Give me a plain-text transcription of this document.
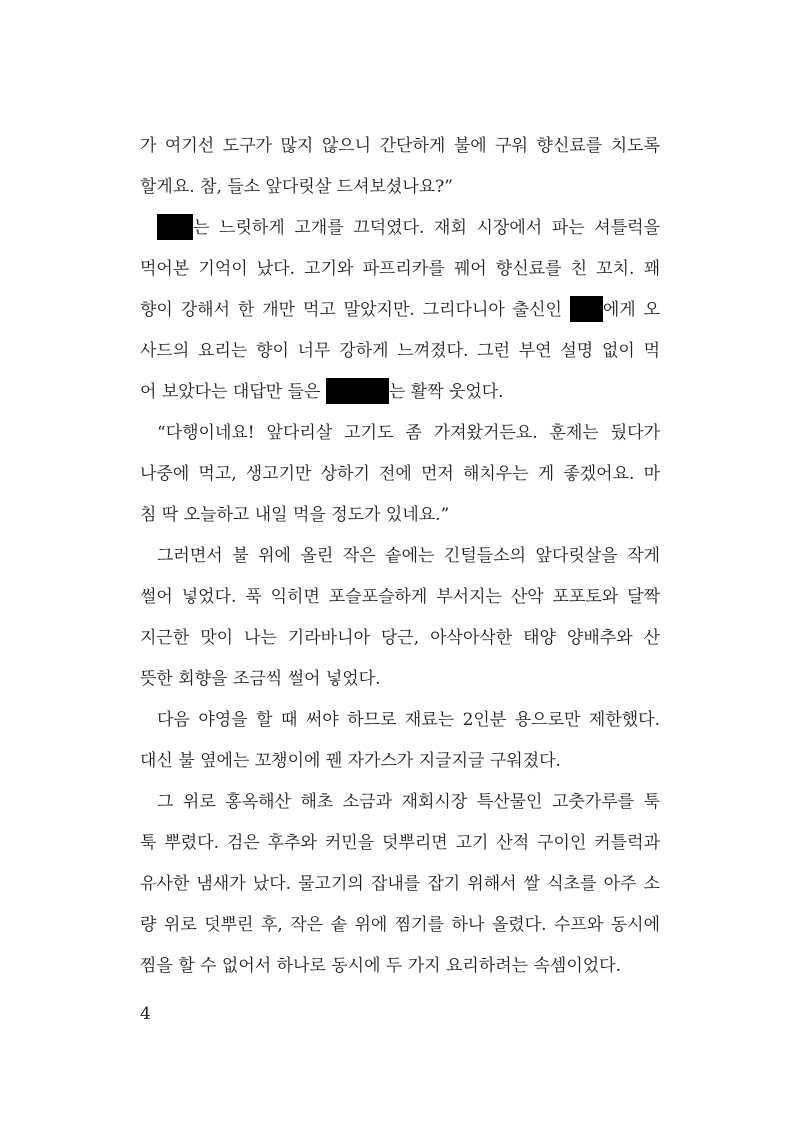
가 여기선 도구가 많지 않으니 간단하게 불에 구워 향신료를 치도록
할게요. 참, 들소 앞다릿살 드셔보셨나요?”
는 느릿하게 고개를 끄덕였다. 재회 시장에서 파는 셔틀럭을
먹어본 기억이 났다. 고기와 파프리카를 꿰어 향신료를 친 꼬치. 꽤
향이 강해서 한 개만 먹고 말았지만. 그리다니아 출신인 에게 오
사드의 요리는 향이 너무 강하게 느껴졌다. 그런 부연 설명 없이 먹
어 보았다는 대답만 들은	는 활짝 웃었다.
“다행이네요! 앞다리살 고기도 좀 가져왔거든요. 훈제는 뒀다가
나중에 먹고, 생고기만 상하기 전에 먼저 해치우는 게 좋겠어요. 마
침 딱 오늘하고 내일 먹을 정도가 있네요.”
그러면서 불 위에 올린 작은 솥에는 긴털들소의 앞다릿살을 작게
썰어 넣었다. 푹 익히면 포슬포슬하게 부서지는 산악 포포토와 달짝
지근한 맛이 나는 기라바니아 당근, 아삭아삭한 태양 양배추와 산
뜻한 회향을 조금씩 썰어 넣었다.
다음 야영을 할 때 써야 하므로 재료는 2인분 용으로만 제한했다.
대신 불 옆에는 꼬챙이에 꿴 자가스가 지글지글 구워졌다.
그 위로 홍옥해산 해초 소금과 재회시장 특산물인 고춧가루를 툭
툭 뿌렸다. 검은 후추와 커민을 덧뿌리면 고기 산적 구이인 커틀럭과
유사한 냄새가 났다. 물고기의 잡내를 잡기 위해서 쌀 식초를 아주 소
량 위로 덧뿌린 후, 작은 솥 위에 찜기를 하나 올렸다. 수프와 동시에
찜을 할 수 없어서 하나로 동시에 두 가지 요리하려는 속셈이었다.
4
